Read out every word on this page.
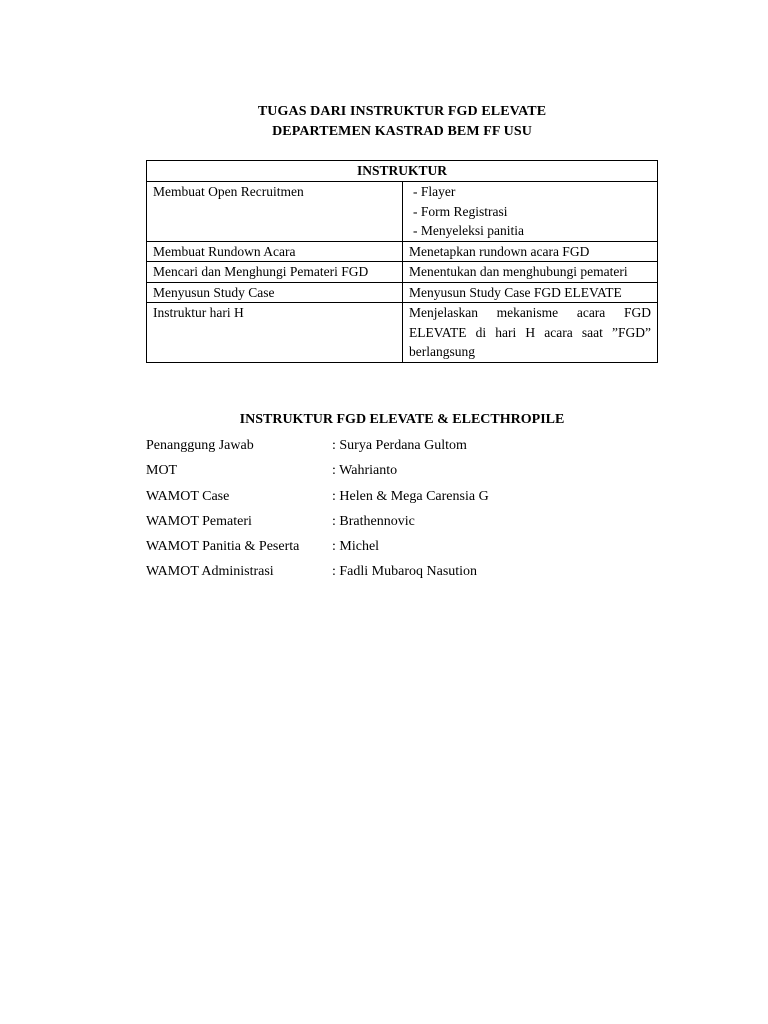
TUGAS DARI INSTRUKTUR FGD ELEVATE
DEPARTEMEN KASTRAD BEM FF USU
INSTRUKTUR	
Membuat Open Recruitmen	- Flayer
- Form Registrasi
- Menyeleksi panitia

Membuat Rundown Acara	Menetapkan rundown acara FGD
Mencari dan Menghungi Pemateri FGD	Menentukan dan menghubungi pemateri
Menyusun Study Case	Menyusun Study Case FGD ELEVATE
Instruktur hari H	Menjelaskan mekanisme acara FGD ELEVATE di hari H acara saat ”FGD” berlangsung
INSTRUKTUR FGD ELEVATE & ELECTHROPILE
Penanggung Jawab	: Surya Perdana Gultom
MOT	: Wahrianto
WAMOT Case	: Helen & Mega Carensia G
WAMOT Pemateri	: Brathennovic
WAMOT Panitia & Peserta : Michel
WAMOT Administrasi	: Fadli Mubaroq Nasution
